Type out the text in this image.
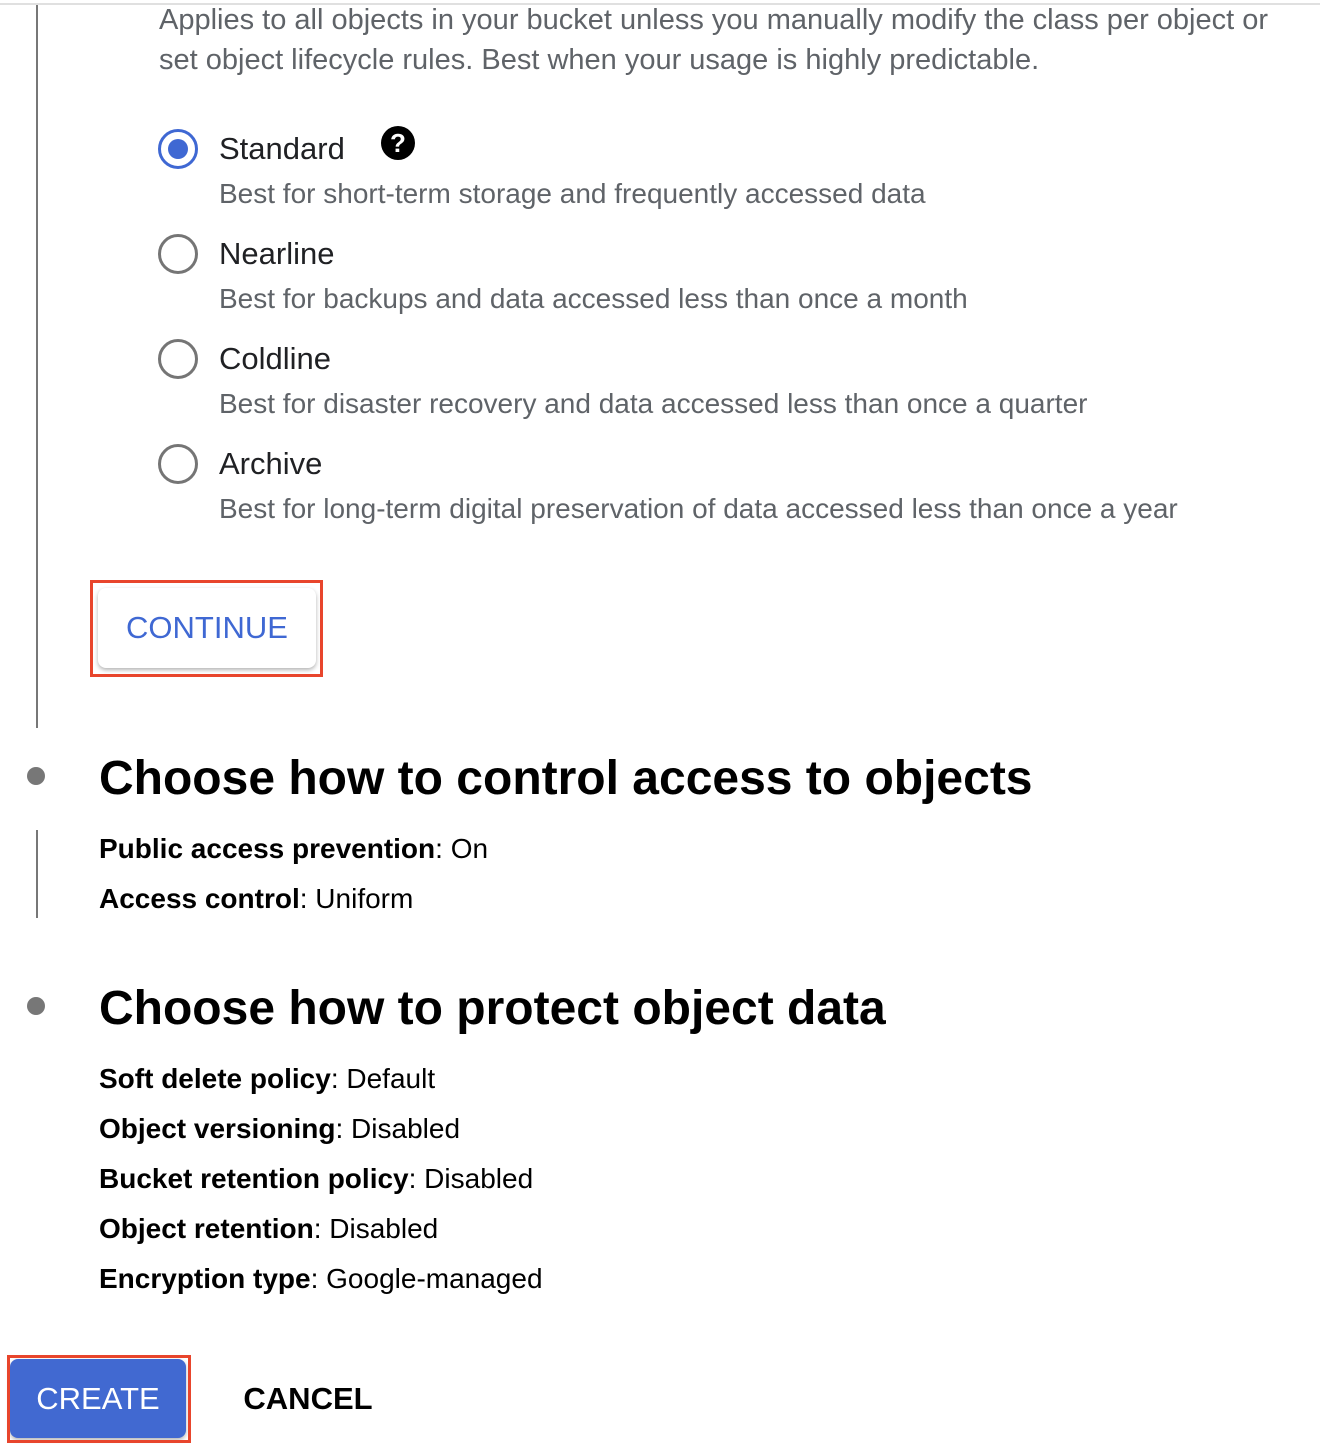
Applies to all objects in your bucket unless you manually modify the class per object or set object lifecycle rules. Best when your usage is highly predictable.
Standard	?
Best for short-term storage and frequently accessed data
Nearline
Best for backups and data accessed less than once a month
Coldline
Best for disaster recovery and data accessed less than once a quarter
Archive
Best for long-term digital preservation of data accessed less than once a year
CONTINUE
Choose how to control access to objects
Public access prevention: On
Access control: Uniform
Choose how to protect object data
Soft delete policy: Default
Object versioning: Disabled
Bucket retention policy: Disabled
Object retention: Disabled
Encryption type: Google-managed
CREATE	CANCEL
